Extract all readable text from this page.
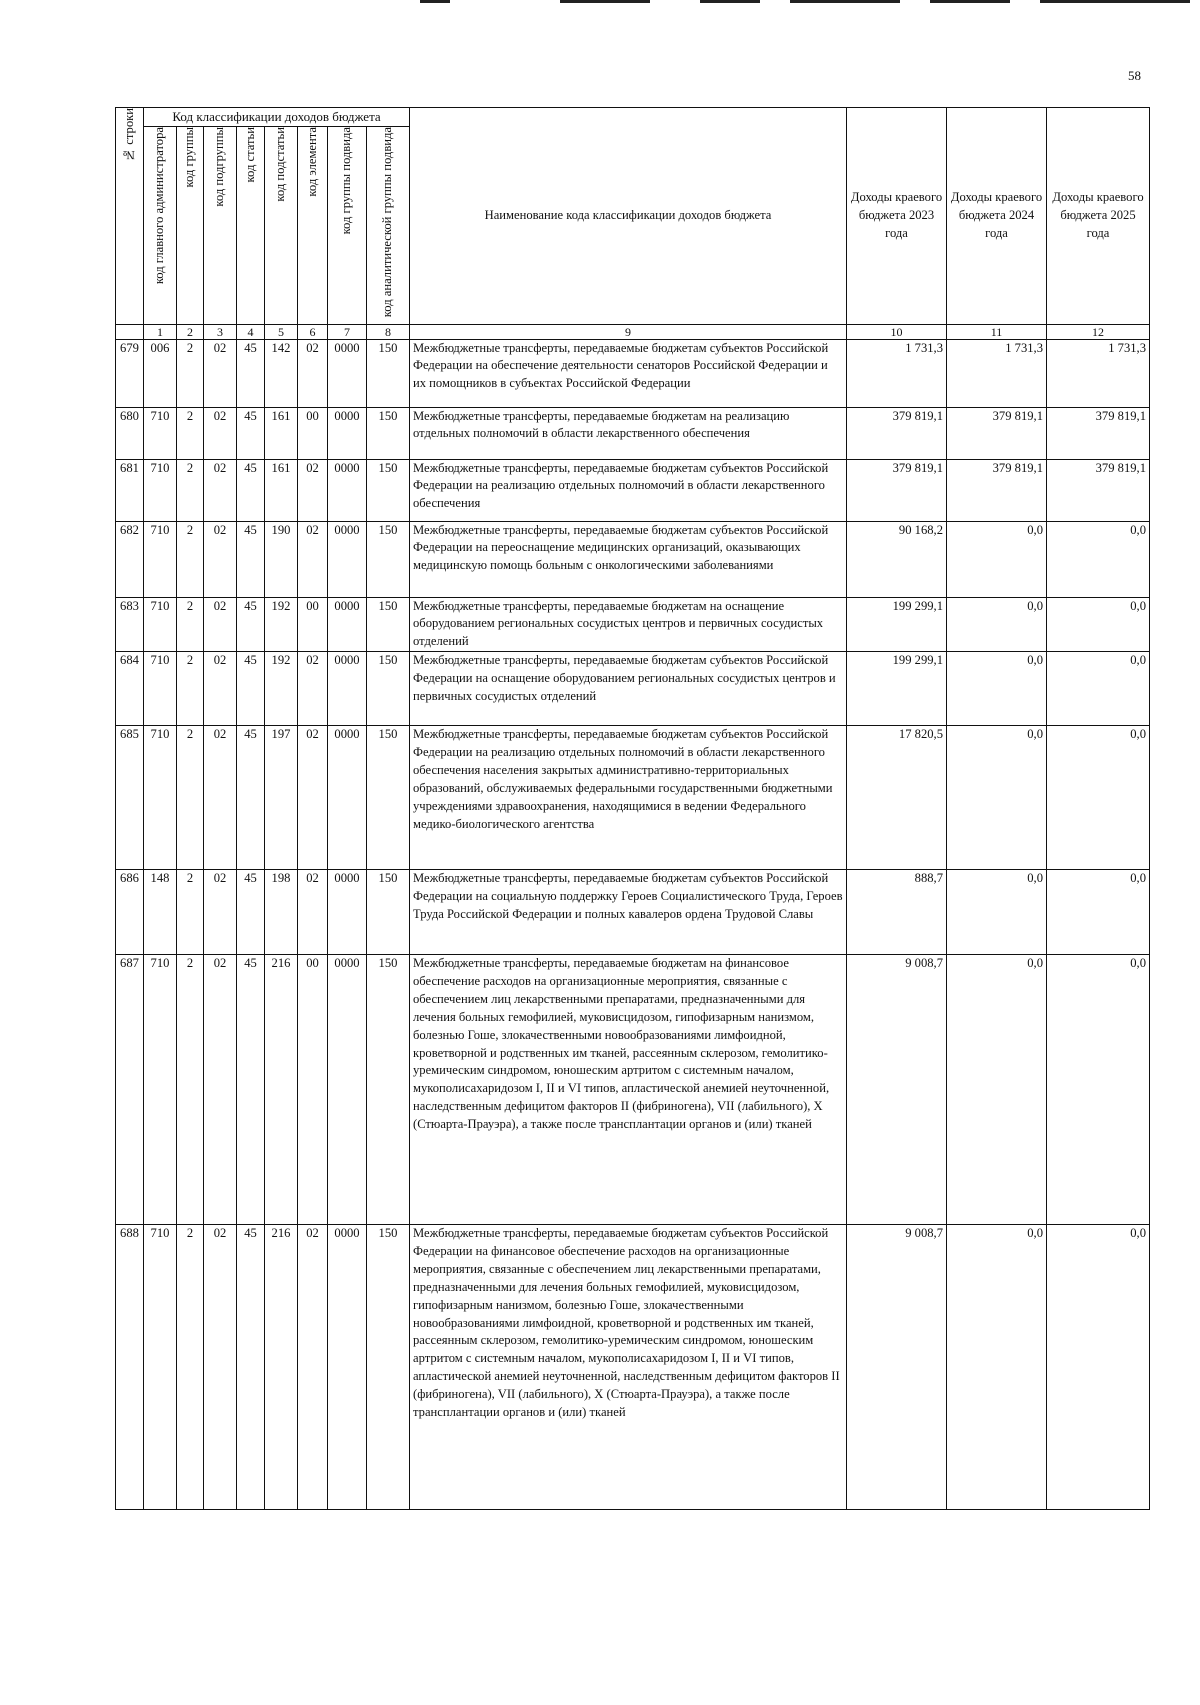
58
№ строки	Код классификации доходов бюджета								Наименование кода классификации доходов бюджета	Доходы краевого бюджета 2023 года	Доходы краевого бюджета 2024 года	Доходы краевого бюджета 2025 года
	код главного администратора	код группы	код подгруппы	код статьи	код подстатьи	код элемента	код группы подвида	код аналитической группы подвида				
	1	2	3	4	5	6	7	8	9	10	11	12
679	006	2	02	45	142	02	0000	150	Межбюджетные трансферты, передаваемые бюджетам субъектов Российской Федерации на обеспечение деятельности сенаторов Российской Федерации и их помощников в субъектах Российской Федерации	1 731,3	1 731,3	1 731,3
680	710	2	02	45	161	00	0000	150	Межбюджетные трансферты, передаваемые бюджетам на реализацию отдельных полномочий в области лекарственного обеспечения	379 819,1	379 819,1	379 819,1
681	710	2	02	45	161	02	0000	150	Межбюджетные трансферты, передаваемые бюджетам субъектов Российской Федерации на реализацию отдельных полномочий в области лекарственного обеспечения	379 819,1	379 819,1	379 819,1
682	710	2	02	45	190	02	0000	150	Межбюджетные трансферты, передаваемые бюджетам субъектов Российской Федерации на переоснащение медицинских организаций, оказывающих медицинскую помощь больным с онкологическими заболеваниями	90 168,2	0,0	0,0
683	710	2	02	45	192	00	0000	150	Межбюджетные трансферты, передаваемые бюджетам на оснащение оборудованием региональных сосудистых центров и первичных сосудистых отделений	199 299,1	0,0	0,0
684	710	2	02	45	192	02	0000	150	Межбюджетные трансферты, передаваемые бюджетам субъектов Российской Федерации на оснащение оборудованием региональных сосудистых центров и первичных сосудистых отделений	199 299,1	0,0	0,0
685	710	2	02	45	197	02	0000	150	Межбюджетные трансферты, передаваемые бюджетам субъектов Российской Федерации на реализацию отдельных полномочий в области лекарственного обеспечения населения закрытых административно-территориальных образований, обслуживаемых федеральными государственными бюджетными учреждениями здравоохранения, находящимися в ведении Федерального медико-биологического агентства	17 820,5	0,0	0,0
686	148	2	02	45	198	02	0000	150	Межбюджетные трансферты, передаваемые бюджетам субъектов Российской Федерации на социальную поддержку Героев Социалистического Труда, Героев Труда Российской Федерации и полных кавалеров ордена Трудовой Славы	888,7	0,0	0,0
687	710	2	02	45	216	00	0000	150	Межбюджетные трансферты, передаваемые бюджетам на финансовое обеспечение расходов на организационные мероприятия, связанные с обеспечением лиц лекарственными препаратами, предназначенными для лечения больных гемофилией, муковисцидозом, гипофизарным нанизмом, болезнью Гоше, злокачественными новообразованиями лимфоидной, кроветворной и родственных им тканей, рассеянным склерозом, гемолитико-уремическим синдромом, юношеским артритом с системным началом, мукополисахаридозом I, II и VI типов, апластической анемией неуточненной, наследственным дефицитом факторов II (фибриногена), VII (лабильного), X (Стюарта-Прауэра), а также после трансплантации органов и (или) тканей	9 008,7	0,0	0,0
688	710	2	02	45	216	02	0000	150	Межбюджетные трансферты, передаваемые бюджетам субъектов Российской Федерации на финансовое обеспечение расходов на организационные мероприятия, связанные с обеспечением лиц лекарственными препаратами, предназначенными для лечения больных гемофилией, муковисцидозом, гипофизарным нанизмом, болезнью Гоше, злокачественными новообразованиями лимфоидной, кроветворной и родственных им тканей, рассеянным склерозом, гемолитико-уремическим синдромом, юношеским артритом с системным началом, мукополисахаридозом I, II и VI типов, апластической анемией неуточненной, наследственным дефицитом факторов II (фибриногена), VII (лабильного), X (Стюарта-Прауэра), а также после трансплантации органов и (или) тканей	9 008,7	0,0	0,0
